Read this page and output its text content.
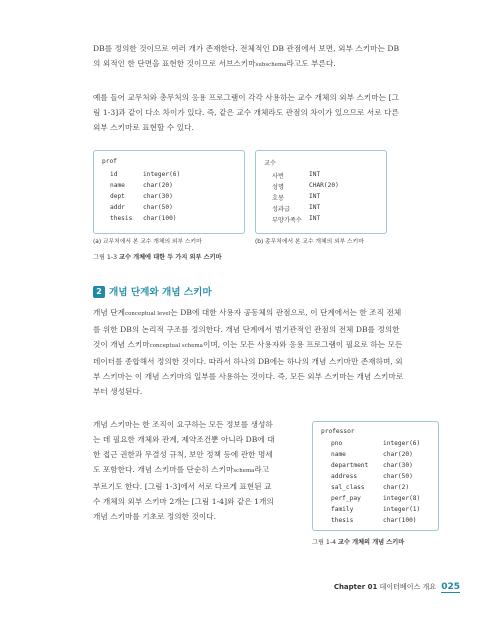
DB를 정의한 것이므로 여러 개가 존재한다. 전체적인 DB 관점에서 보면, 외부 스키마는 DB
의 외적인 한 단면을 표현한 것이므로 서브스키마subschema라고도 부른다.
예를 들어 교무처와 총무처의 응용 프로그램이 각각 사용하는 교수 개체의 외부 스키마는 [그
림 1-3]과 같이 다소 차이가 있다. 즉, 같은 교수 개체라도 관점의 차이가 있으므로 서로 다른
외부 스키마로 표현할 수 있다.
prof
id	integer(6)
name	char(20)
dept	char(30)
addr	char(50)
thesis char(100)
(a) 교무처에서 본 교수 개체의 외부 스키마
교수
사번	INT
성명	CHAR(20)
호봉	INT
성과급	INT
부양가족수 INT
(b) 총무처에서 본 교수 개체의 외부 스키마
그림 1-3 교수 개체에 대한 두 가지 외부 스키마
2 개념 단계와 개념 스키마
개념 단계conceptual level는 DB에 대한 사용자 공동체의 관점으로, 이 단계에서는 한 조직 전체
를 위한 DB의 논리적 구조를 정의한다. 개념 단계에서 범기관적인 관점의 전체 DB를 정의한
것이 개념 스키마conceptual schema이며, 이는 모든 사용자와 응용 프로그램이 필요로 하는 모든
데이터를 종합해서 정의한 것이다. 따라서 하나의 DB에는 하나의 개념 스키마만 존재하며, 외
부 스키마는 이 개념 스키마의 일부를 사용하는 것이다. 즉, 모든 외부 스키마는 개념 스키마로
부터 생성된다.
개념 스키마는 한 조직이 요구하는 모든 정보를 생성하
는 데 필요한 개체와 관계, 제약조건뿐 아니라 DB에 대
한 접근 권한과 무결성 규칙, 보안 정책 등에 관한 명세
도 포함한다. 개념 스키마를 단순히 스키마schema라고
부르기도 한다. [그림 1-3]에서 서로 다르게 표현된 교
수 개체의 외부 스키마 2개는 [그림 1-4]와 같은 1개의
개념 스키마를 기초로 정의한 것이다.
professor
pno	integer(6)
name	char(20)
department char(30)
address	char(50)
sal_class	char(2)
perf_pay	integer(8)
family	integer(1)
thesis	char(100)
그림 1-4 교수 개체의 개념 스키마
Chapter 01 데이터베이스 개요 025
